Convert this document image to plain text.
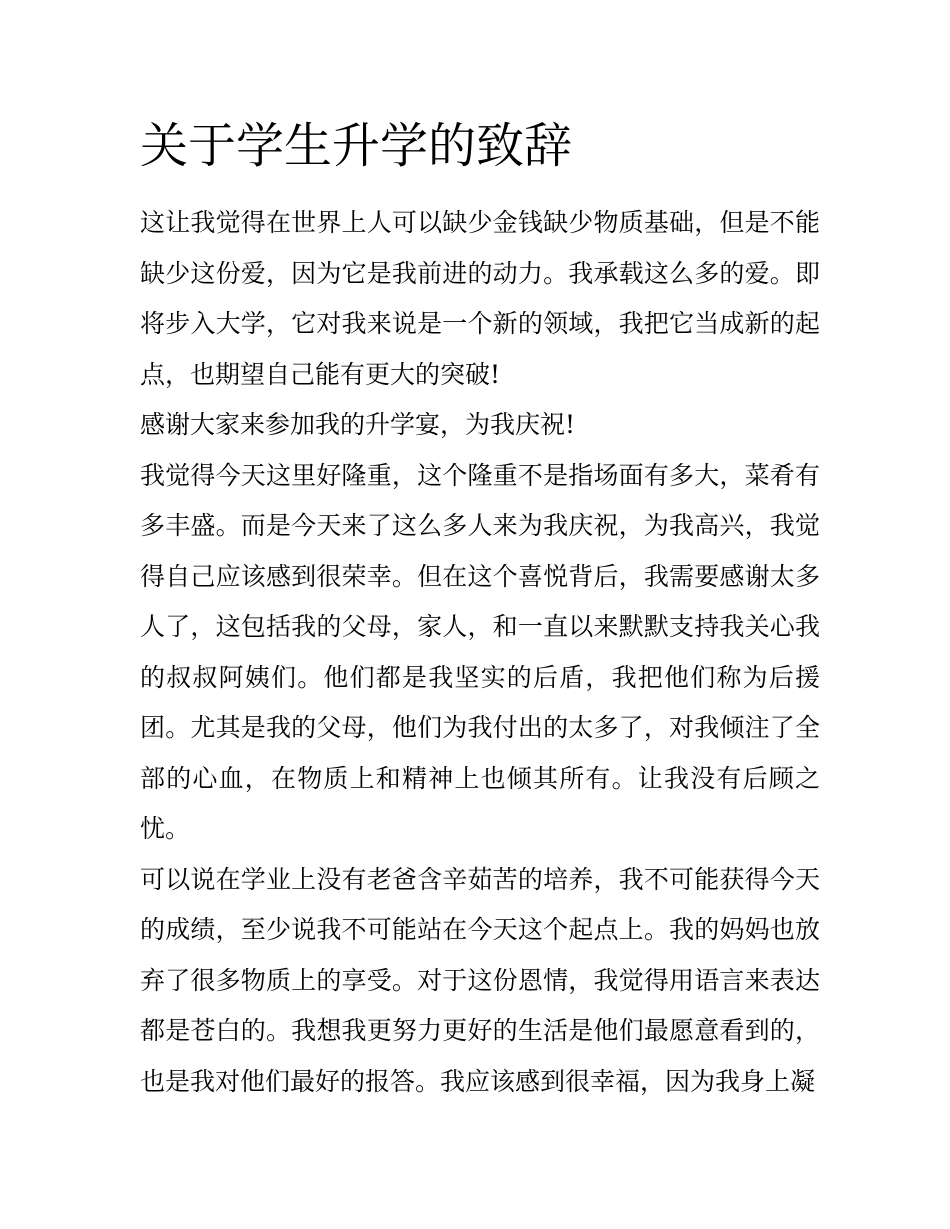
关于学生升学的致辞

这让我觉得在世界上人可以缺少金钱缺少物质基础，但是不能缺少这份爱，因为它是我前进的动力。我承载这么多的爱。即将步入大学，它对我来说是一个新的领域，我把它当成新的起点，也期望自己能有更大的突破!

感谢大家来参加我的升学宴，为我庆祝!

我觉得今天这里好隆重，这个隆重不是指场面有多大，菜肴有多丰盛。而是今天来了这么多人来为我庆祝，为我高兴，我觉得自己应该感到很荣幸。但在这个喜悦背后，我需要感谢太多人了，这包括我的父母，家人，和一直以来默默支持我关心我的叔叔阿姨们。他们都是我坚实的后盾，我把他们称为后援团。尤其是我的父母，他们为我付出的太多了，对我倾注了全部的心血，在物质上和精神上也倾其所有。让我没有后顾之忧。

可以说在学业上没有老爸含辛茹苦的培养，我不可能获得今天的成绩，至少说我不可能站在今天这个起点上。我的妈妈也放弃了很多物质上的享受。对于这份恩情，我觉得用语言来表达都是苍白的。我想我更努力更好的生活是他们最愿意看到的，也是我对他们最好的报答。我应该感到很幸福，因为我身上凝
